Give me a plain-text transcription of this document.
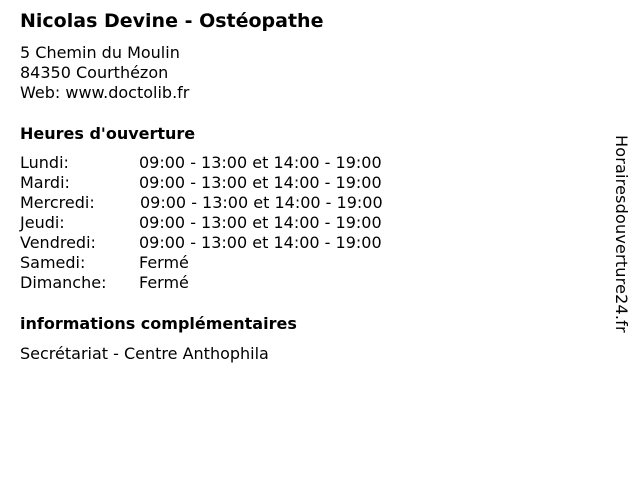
Nicolas Devine - Ostéopathe
5 Chemin du Moulin
84350 Courthézon
Web: www.doctolib.fr
Heures d'ouverture
Lundi:	09:00 - 13:00 et 14:00 - 19:00
Mardi:	09:00 - 13:00 et 14:00 - 19:00
Mercredi:	09:00 - 13:00 et 14:00 - 19:00
Jeudi:	09:00 - 13:00 et 14:00 - 19:00
Vendredi:	09:00 - 13:00 et 14:00 - 19:00
Samedi:	Fermé
Dimanche:	Fermé
informations complémentaires
Secrétariat - Centre Anthophila
Horairesdouverture24.fr
